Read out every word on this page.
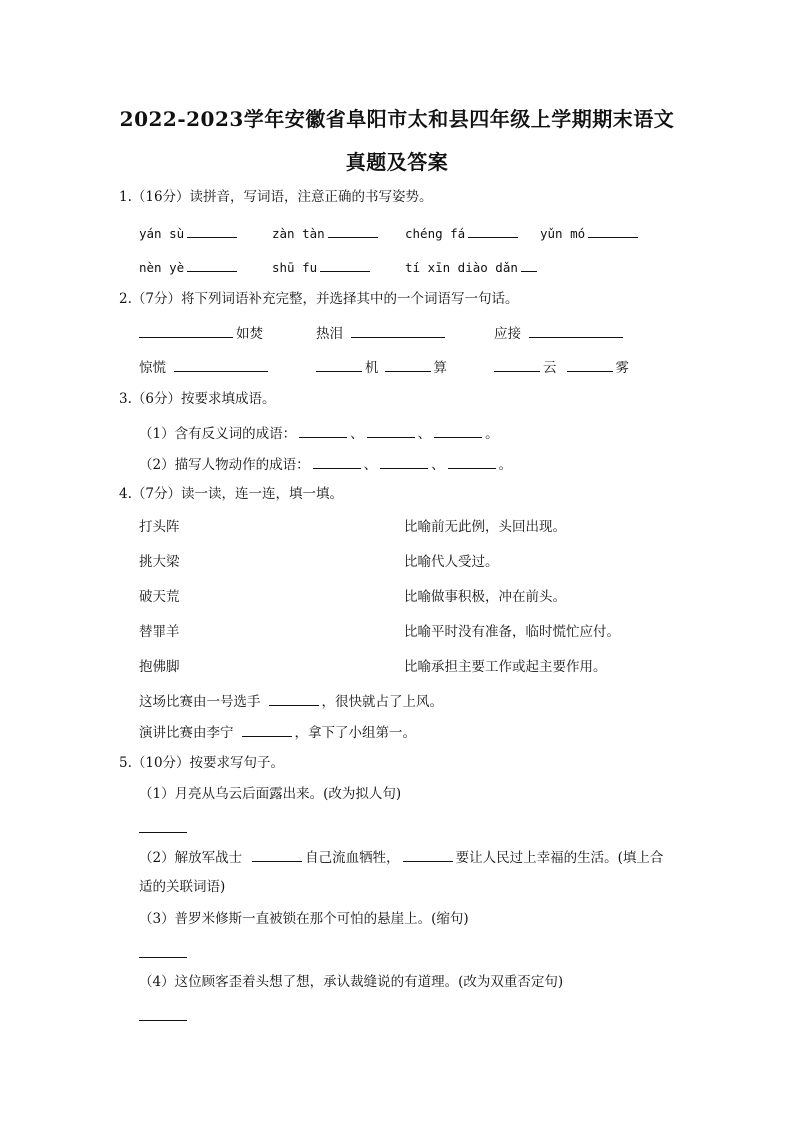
2022-2023学年安徽省阜阳市太和县四年级上学期期末语文
真题及答案
1.（16分）读拼音，写词语，注意正确的书写姿势。
yán sù	zàn tàn	chéng fá	yǔn mó
nèn yè	shū fu	tí xīn diào dǎn
2.（7分）将下列词语补充完整，并选择其中的一个词语写一句话。
如焚	热泪	应接
惊慌	机	算	云	雾
3.（6分）按要求填成语。
（1）含有反义词的成语：	、	、	。
（2）描写人物动作的成语：	、	、	。
4.（7分）读一读，连一连，填一填。
打头阵	比喻前无此例，头回出现。
挑大梁	比喻代人受过。
破天荒	比喻做事积极，冲在前头。
替罪羊	比喻平时没有准备，临时慌忙应付。
抱佛脚	比喻承担主要工作或起主要作用。
这场比赛由一号选手	，很快就占了上风。
演讲比赛由李宁	，拿下了小组第一。
5.（10分）按要求写句子。
（1）月亮从乌云后面露出来。(改为拟人句)
（2）解放军战士	自己流血牺牲，	要让人民过上幸福的生活。(填上合
适的关联词语)
（3）普罗米修斯一直被锁在那个可怕的悬崖上。(缩句)
（4）这位顾客歪着头想了想，承认裁缝说的有道理。(改为双重否定句)
